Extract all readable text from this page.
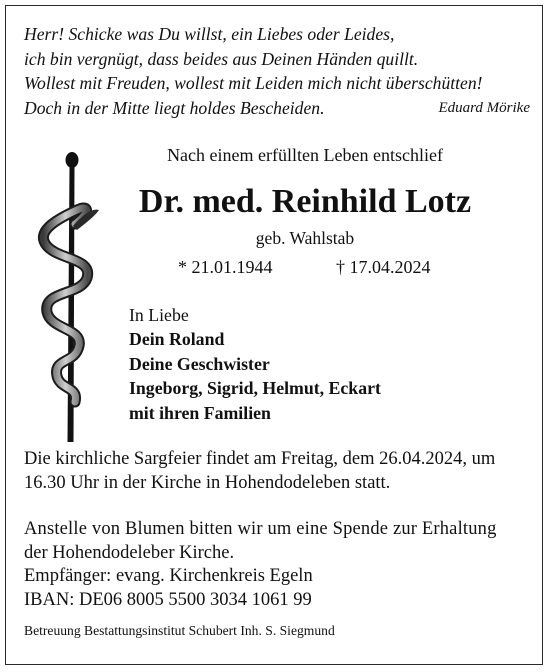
Herr! Schicke was Du willst, ein Liebes oder Leides,
ich bin vergnügt, dass beides aus Deinen Händen quillt.
Wollest mit Freuden, wollest mit Leiden mich nicht überschütten!
Doch in der Mitte liegt holdes Bescheiden.	Eduard Mörike
Nach einem erfüllten Leben entschlief
Dr. med. Reinhild Lotz
geb. Wahlstab
* 21.01.1944	† 17.04.2024
In Liebe
Dein Roland
Deine Geschwister
Ingeborg, Sigrid, Helmut, Eckart
mit ihren Familien
Die kirchliche Sargfeier findet am Freitag, dem 26.04.2024, um
16.30 Uhr in der Kirche in Hohendodeleben statt.
Anstelle von Blumen bitten wir um eine Spende zur Erhaltung
der Hohendodeleber Kirche.
Empfänger: evang. Kirchenkreis Egeln
IBAN: DE06 8005 5500 3034 1061 99
Betreuung Bestattungsinstitut Schubert Inh. S. Siegmund
